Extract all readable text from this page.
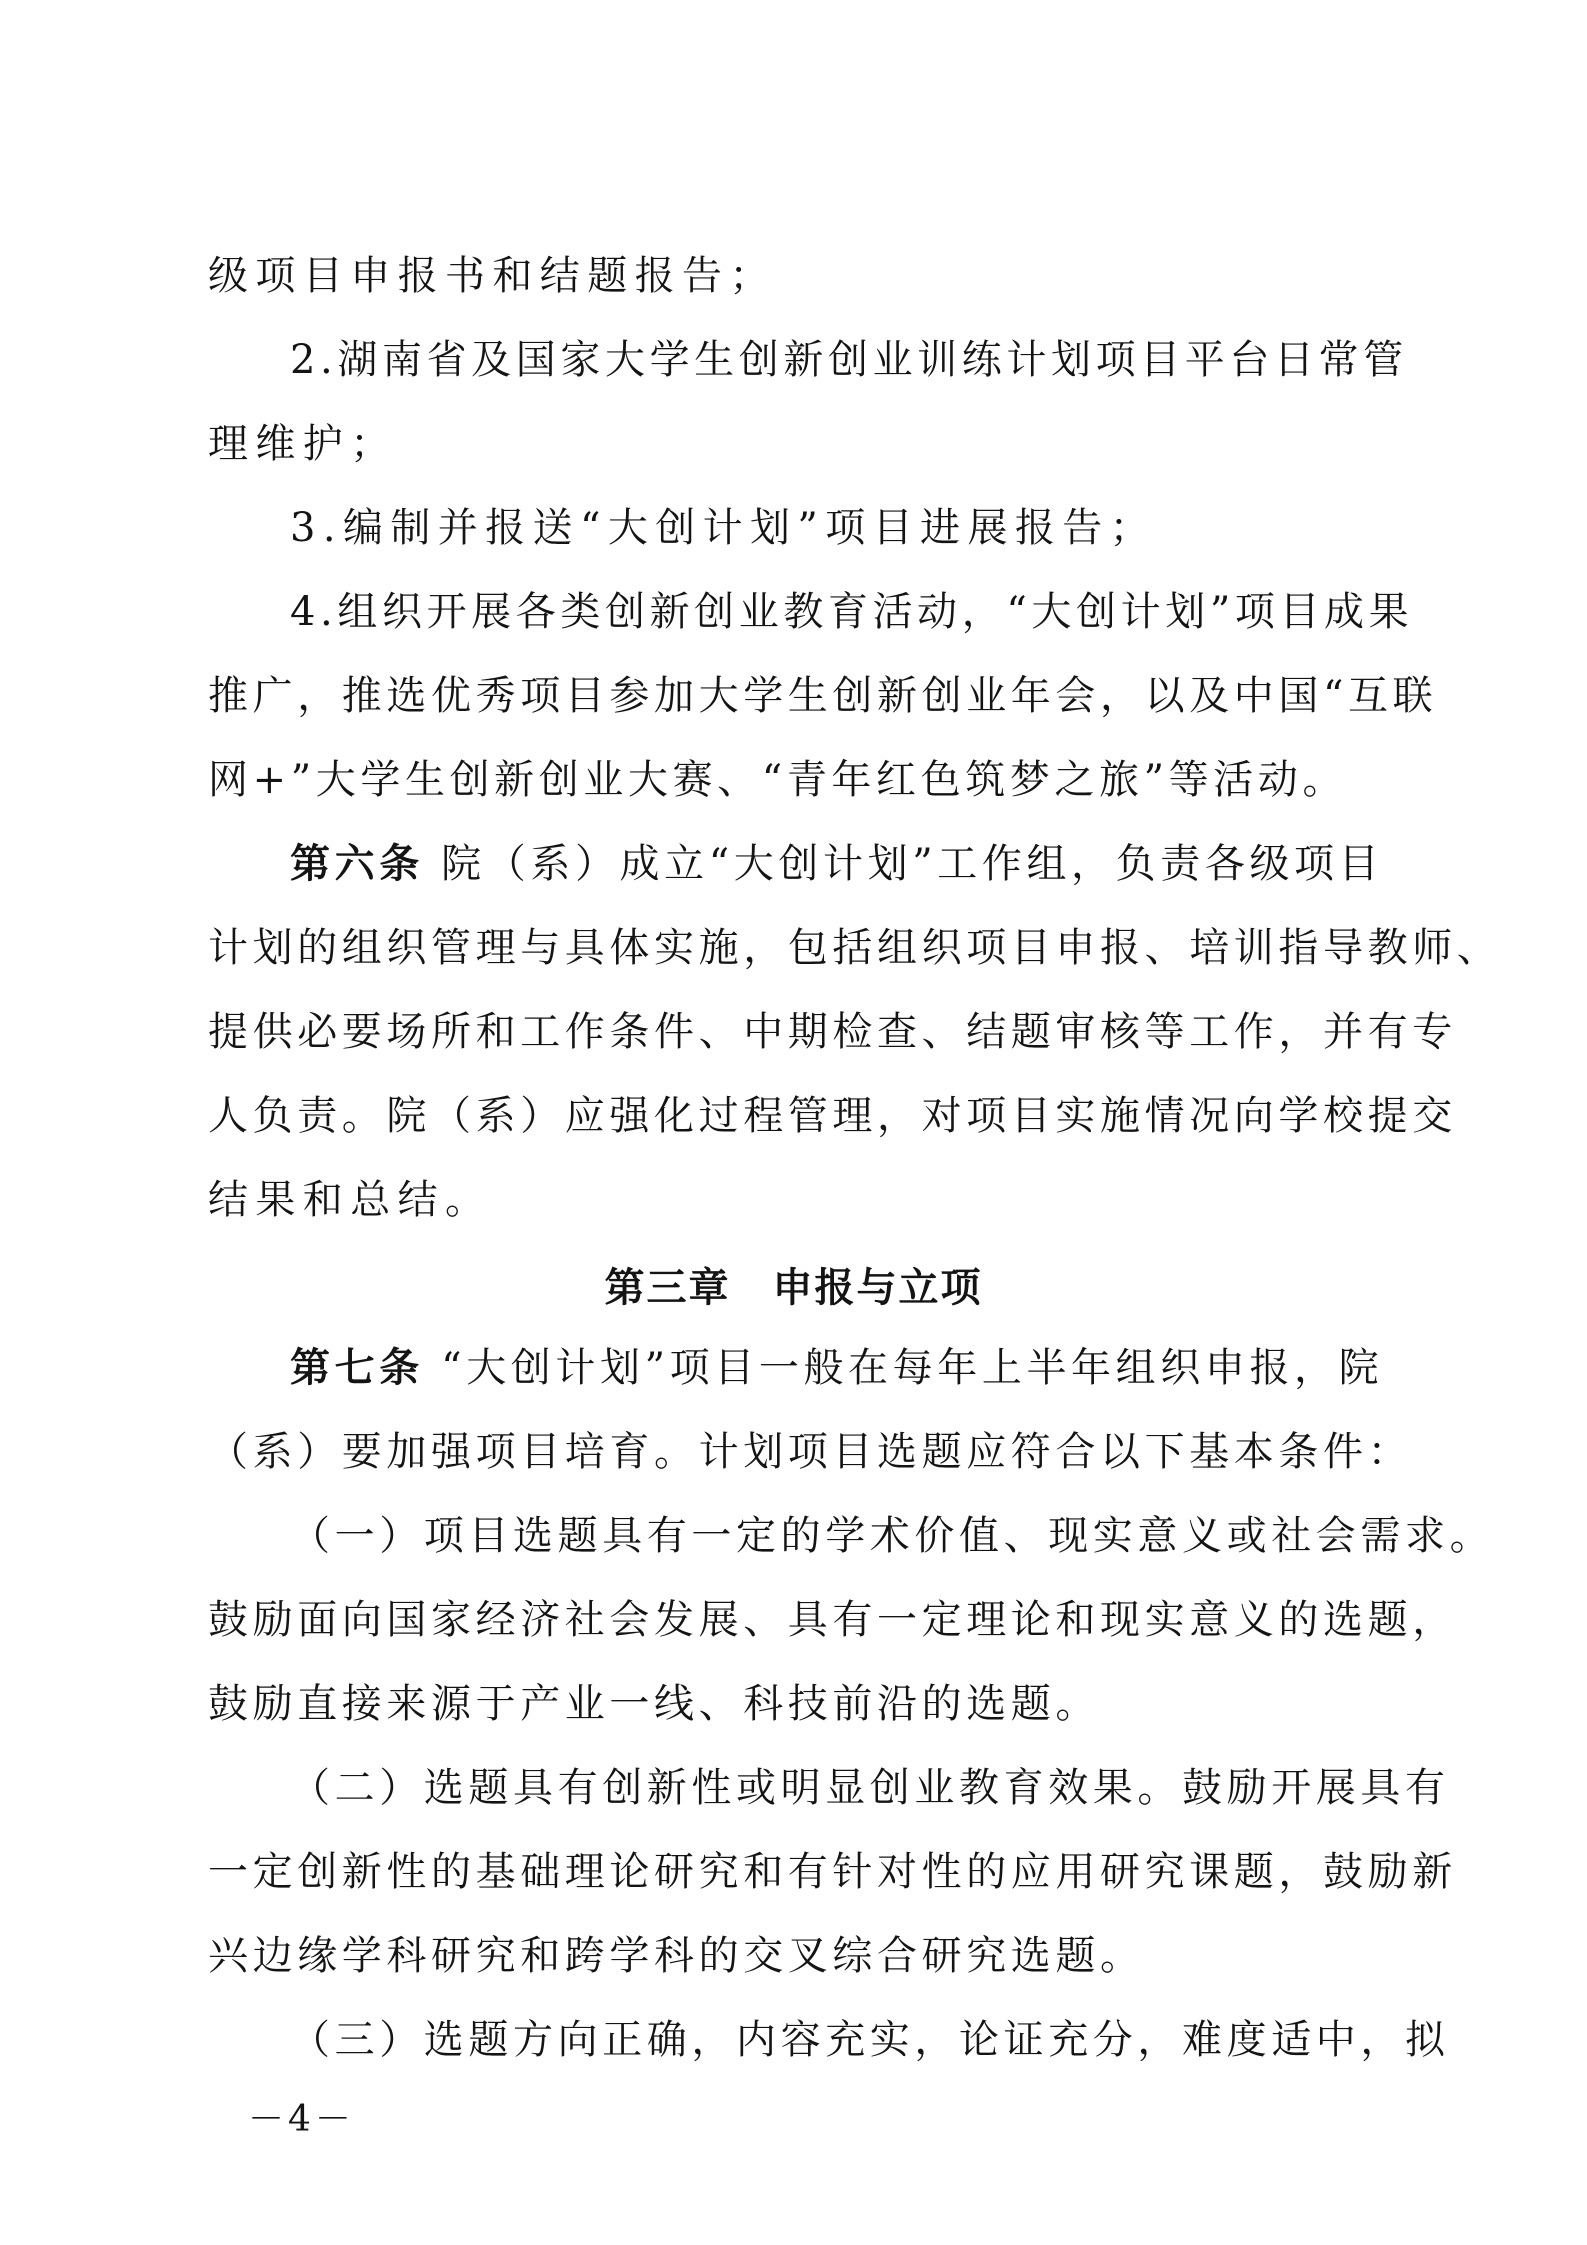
级项目申报书和结题报告；
2.湖南省及国家大学生创新创业训练计划项目平台日常管
理维护；
3.编制并报送“大创计划”项目进展报告；
4.组织开展各类创新创业教育活动，“大创计划”项目成果
推广，推选优秀项目参加大学生创新创业年会，以及中国“互联
网+”大学生创新创业大赛、“青年红色筑梦之旅”等活动。
第六条 院（系）成立“大创计划”工作组，负责各级项目
计划的组织管理与具体实施，包括组织项目申报、培训指导教师、
提供必要场所和工作条件、中期检查、结题审核等工作，并有专
人负责。院（系）应强化过程管理，对项目实施情况向学校提交
结果和总结。
第三章　申报与立项
第七条 “大创计划”项目一般在每年上半年组织申报，院
（系）要加强项目培育。计划项目选题应符合以下基本条件：
（一）项目选题具有一定的学术价值、现实意义或社会需求。
鼓励面向国家经济社会发展、具有一定理论和现实意义的选题，
鼓励直接来源于产业一线、科技前沿的选题。
（二）选题具有创新性或明显创业教育效果。鼓励开展具有
一定创新性的基础理论研究和有针对性的应用研究课题，鼓励新
兴边缘学科研究和跨学科的交叉综合研究选题。
（三）选题方向正确，内容充实，论证充分，难度适中，拟
－4－
